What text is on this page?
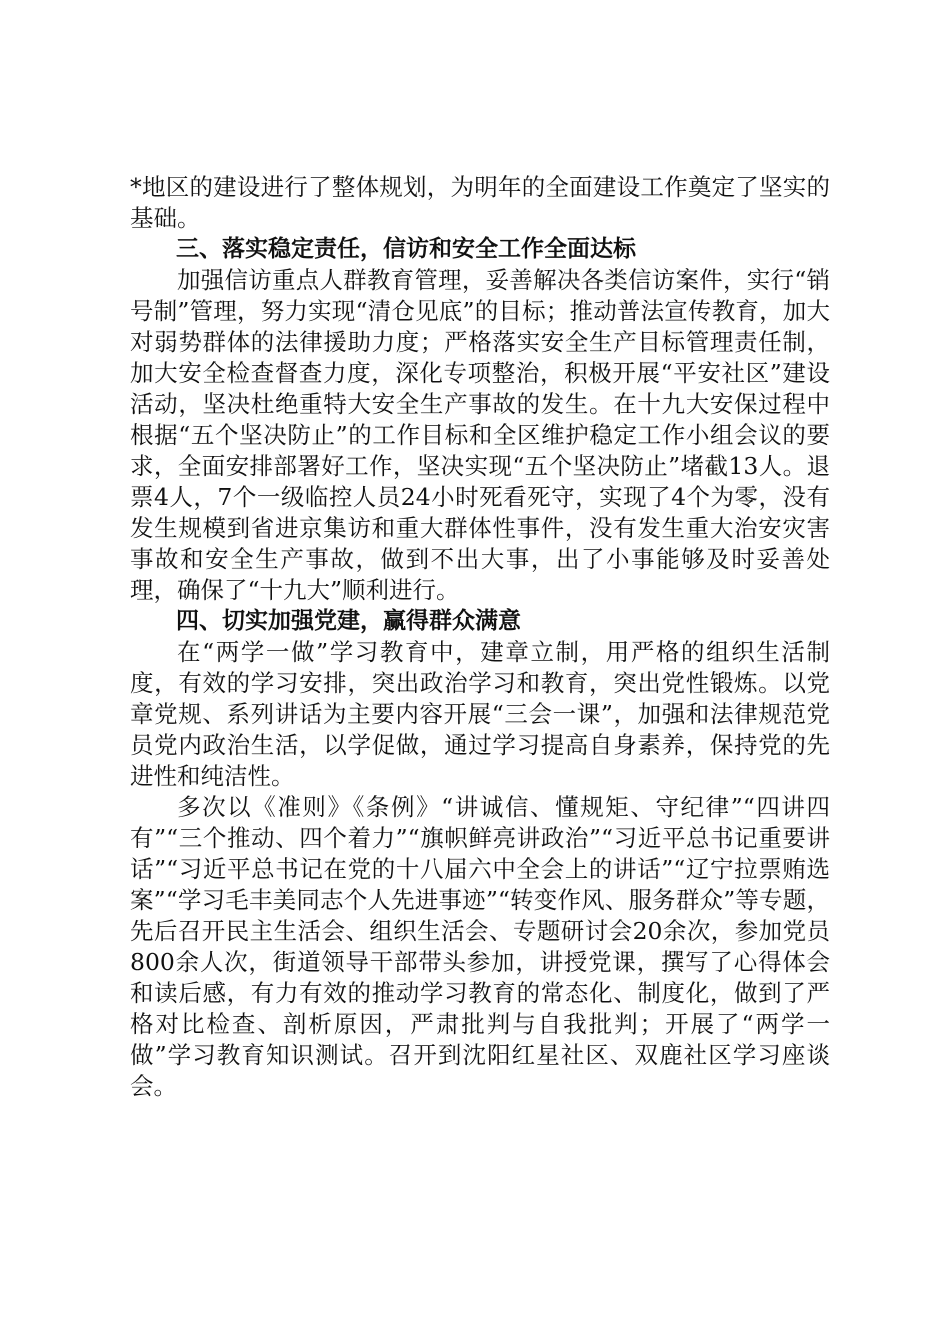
*地区的建设进行了整体规划，为明年的全面建设工作奠定了坚实的基础。

三、落实稳定责任，信访和安全工作全面达标

加强信访重点人群教育管理，妥善解决各类信访案件，实行“销号制”管理，努力实现“清仓见底”的目标；推动普法宣传教育，加大对弱势群体的法律援助力度；严格落实安全生产目标管理责任制，加大安全检查督查力度，深化专项整治，积极开展“平安社区”建设活动，坚决杜绝重特大安全生产事故的发生。在十九大安保过程中根据“五个坚决防止”的工作目标和全区维护稳定工作小组会议的要求，全面安排部署好工作，坚决实现“五个坚决防止”堵截13人。退票4人，7个一级临控人员24小时死看死守，实现了4个为零，没有发生规模到省进京集访和重大群体性事件，没有发生重大治安灾害事故和安全生产事故，做到不出大事，出了小事能够及时妥善处理，确保了“十九大”顺利进行。

四、切实加强党建，赢得群众满意

在“两学一做”学习教育中，建章立制，用严格的组织生活制度，有效的学习安排，突出政治学习和教育，突出党性锻炼。以党章党规、系列讲话为主要内容开展“三会一课”，加强和法律规范党员党内政治生活，以学促做，通过学习提高自身素养，保持党的先进性和纯洁性。

多次以《准则》《条例》“讲诚信、懂规矩、守纪律”“四讲四有”“三个推动、四个着力”“旗帜鲜亮讲政治”“习近平总书记重要讲话”“习近平总书记在党的十八届六中全会上的讲话”“辽宁拉票贿选案”“学习毛丰美同志个人先进事迹”“转变作风、服务群众”等专题，先后召开民主生活会、组织生活会、专题研讨会20余次，参加党员800余人次，街道领导干部带头参加，讲授党课，撰写了心得体会和读后感，有力有效的推动学习教育的常态化、制度化，做到了严格对比检查、剖析原因，严肃批判与自我批判；开展了“两学一做”学习教育知识测试。召开到沈阳红星社区、双鹿社区学习座谈会。
